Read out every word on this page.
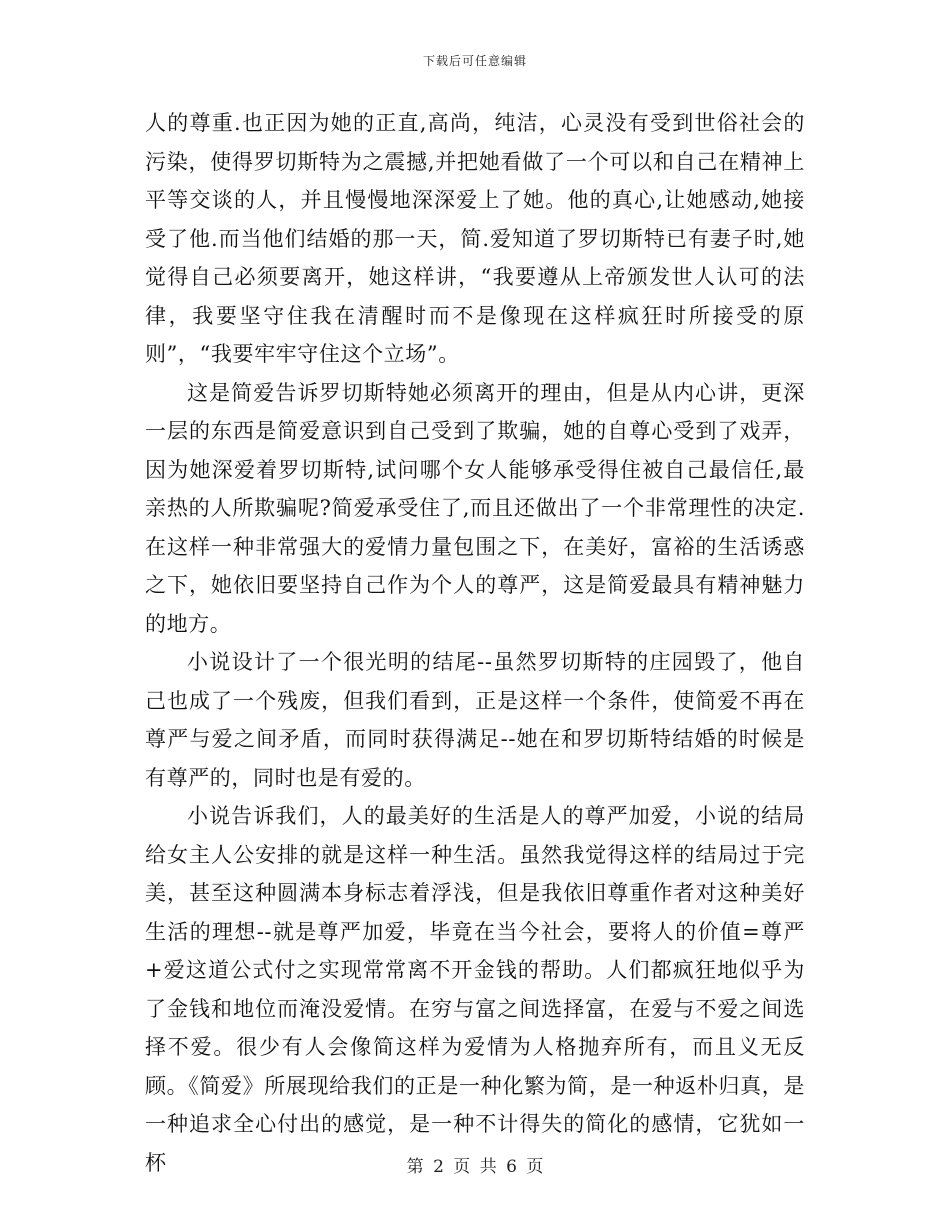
下载后可任意编辑

人的尊重.也正因为她的正直,高尚，纯洁，心灵没有受到世俗社会的污染，使得罗切斯特为之震撼,并把她看做了一个可以和自己在精神上平等交谈的人，并且慢慢地深深爱上了她。他的真心,让她感动,她接受了他.而当他们结婚的那一天，简.爱知道了罗切斯特已有妻子时,她觉得自己必须要离开，她这样讲，“我要遵从上帝颁发世人认可的法律，我要坚守住我在清醒时而不是像现在这样疯狂时所接受的原则”，“我要牢牢守住这个立场”。

这是简爱告诉罗切斯特她必须离开的理由，但是从内心讲，更深一层的东西是简爱意识到自己受到了欺骗，她的自尊心受到了戏弄，因为她深爱着罗切斯特,试问哪个女人能够承受得住被自己最信任,最亲热的人所欺骗呢?简爱承受住了,而且还做出了一个非常理性的决定.在这样一种非常强大的爱情力量包围之下，在美好，富裕的生活诱惑之下，她依旧要坚持自己作为个人的尊严，这是简爱最具有精神魅力的地方。

小说设计了一个很光明的结尾--虽然罗切斯特的庄园毁了，他自己也成了一个残废，但我们看到，正是这样一个条件，使简爱不再在尊严与爱之间矛盾，而同时获得满足--她在和罗切斯特结婚的时候是有尊严的，同时也是有爱的。

小说告诉我们，人的最美好的生活是人的尊严加爱，小说的结局给女主人公安排的就是这样一种生活。虽然我觉得这样的结局过于完美，甚至这种圆满本身标志着浮浅，但是我依旧尊重作者对这种美好生活的理想--就是尊严加爱，毕竟在当今社会，要将人的价值=尊严+爱这道公式付之实现常常离不开金钱的帮助。人们都疯狂地似乎为了金钱和地位而淹没爱情。在穷与富之间选择富，在爱与不爱之间选择不爱。很少有人会像简这样为爱情为人格抛弃所有，而且义无反顾。《简爱》所展现给我们的正是一种化繁为简，是一种返朴归真，是一种追求全心付出的感觉，是一种不计得失的简化的感情，它犹如一杯	第 2 页 共 6 页
